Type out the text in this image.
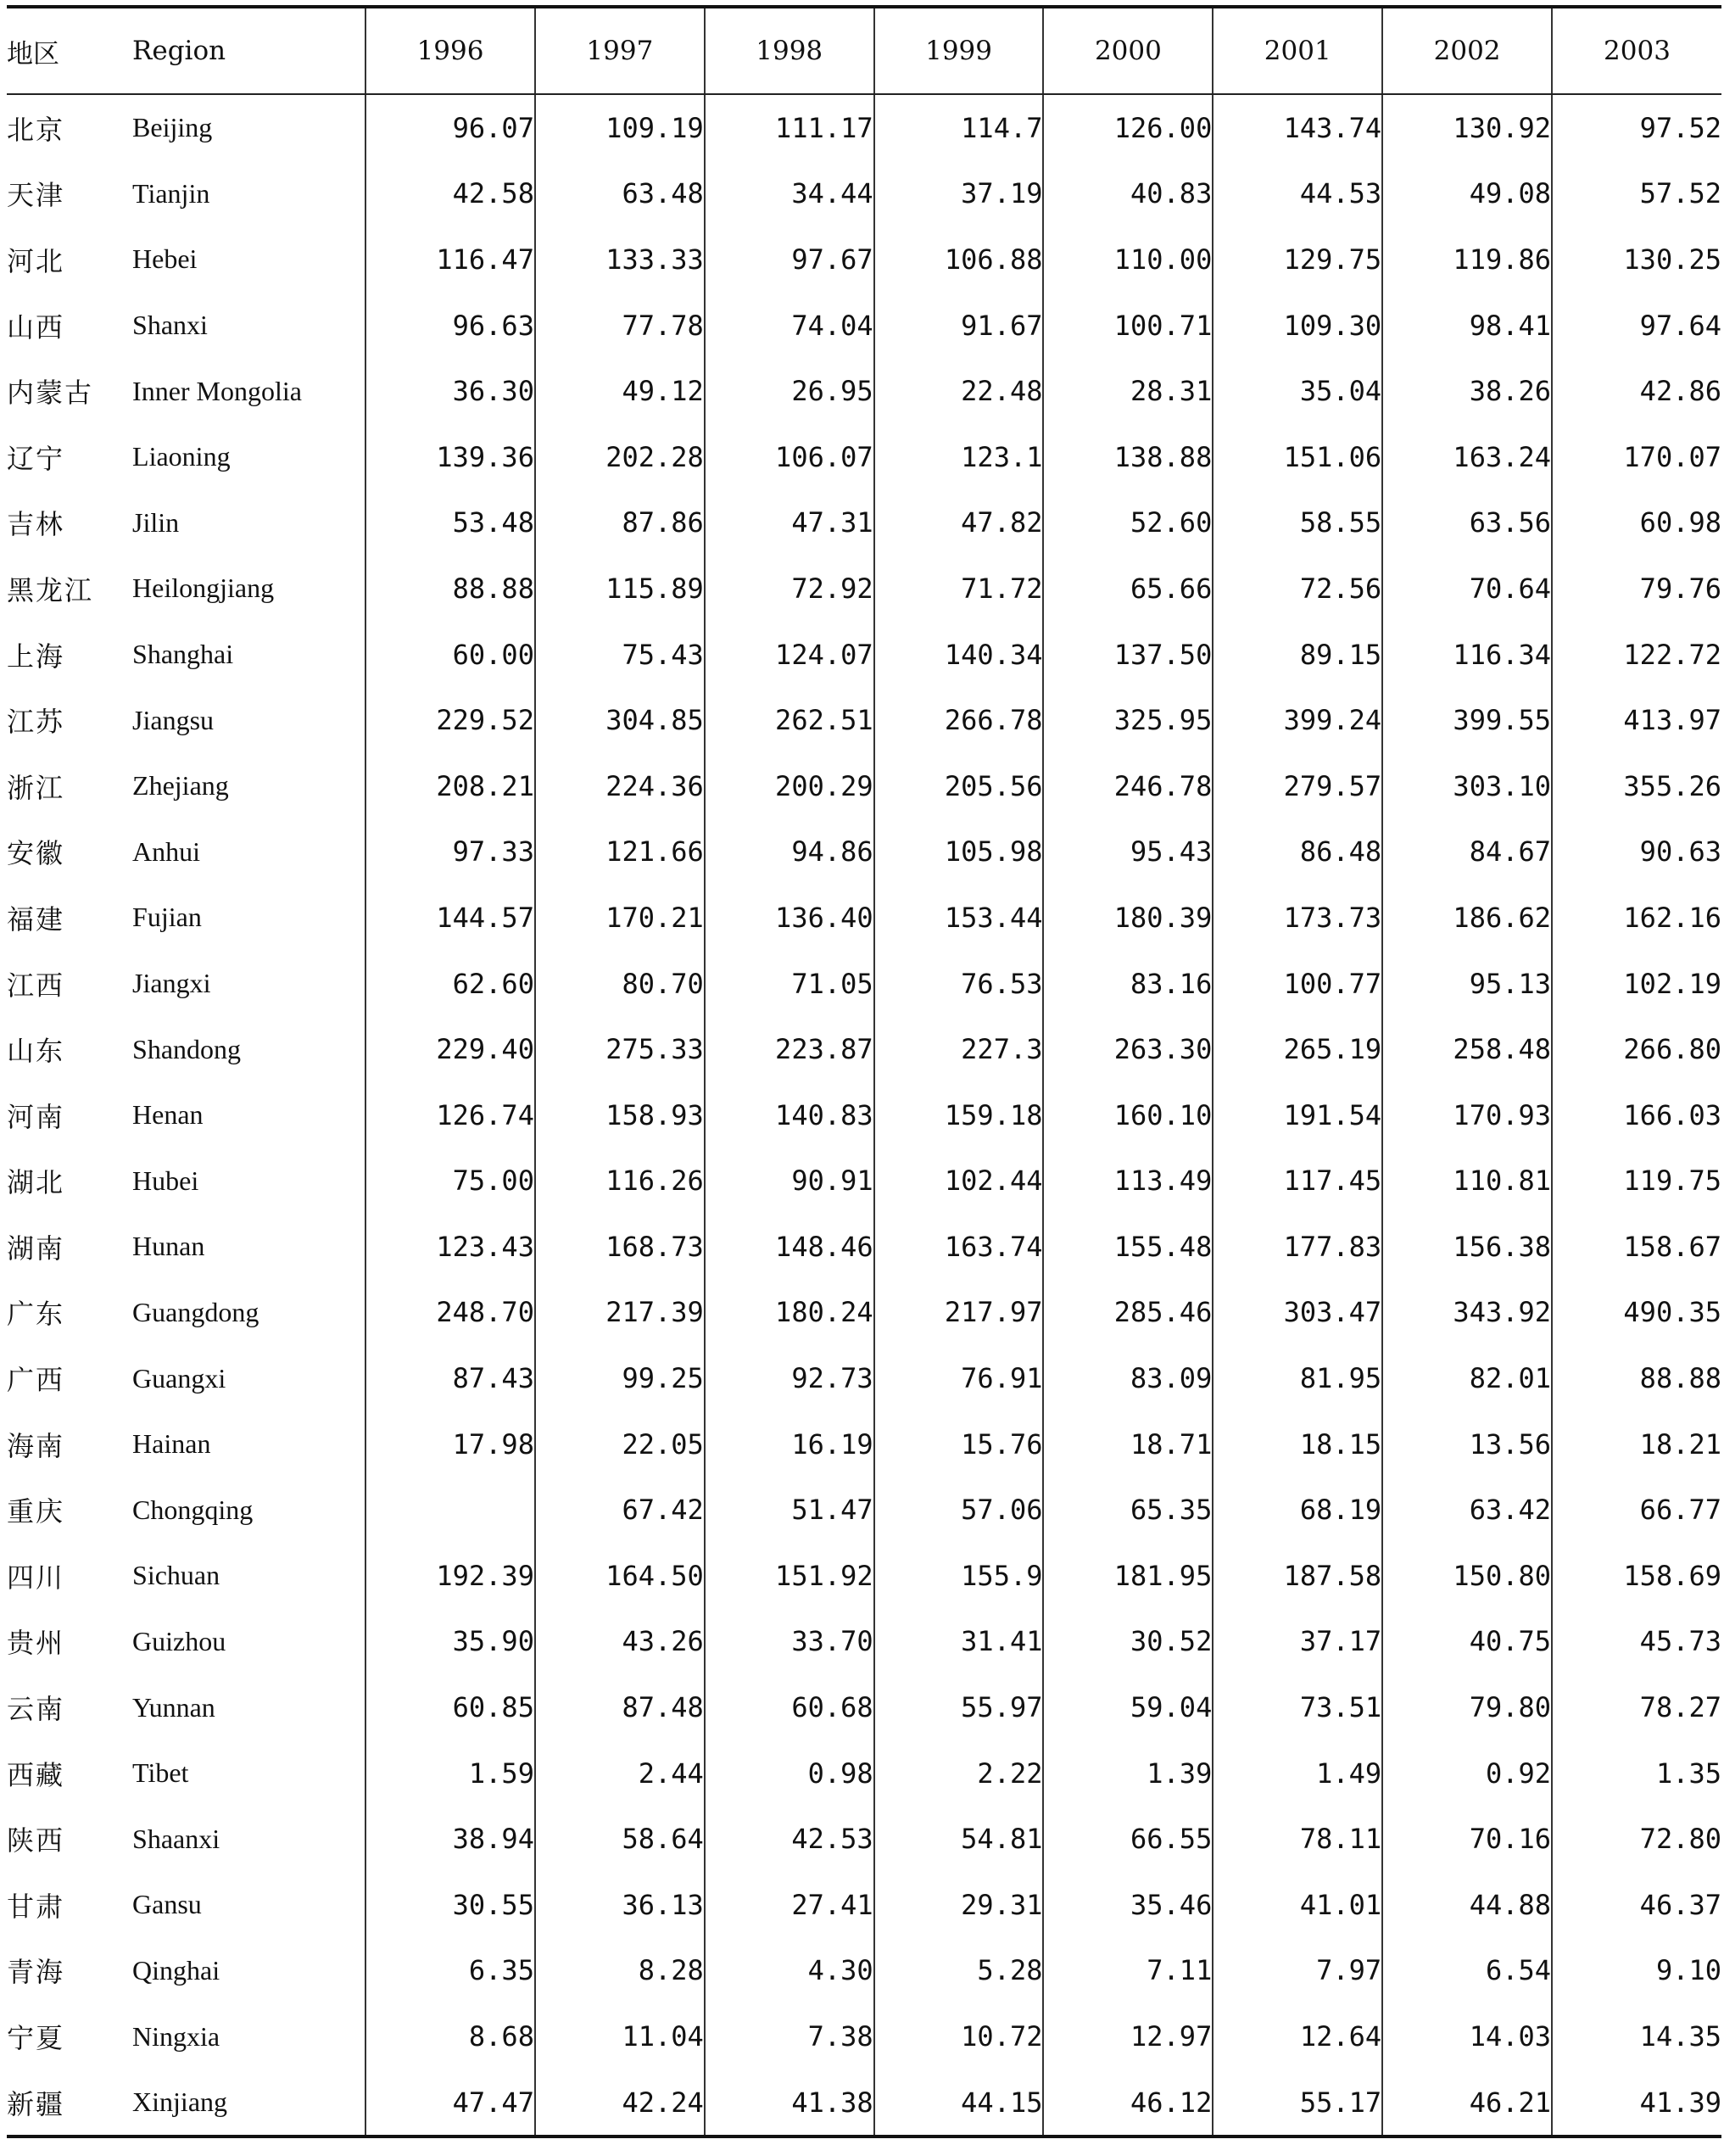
地区	Region	1996	1997	1998	1999	2000	2001	2002	2003
北京	Beijing	96.07	109.19	111.17	114.7	126.00	143.74	130.92	97.52
天津	Tianjin	42.58	63.48	34.44	37.19	40.83	44.53	49.08	57.52
河北	Hebei	116.47	133.33	97.67	106.88	110.00	129.75	119.86	130.25
山西	Shanxi	96.63	77.78	74.04	91.67	100.71	109.30	98.41	97.64
内蒙古	Inner Mongolia	36.30	49.12	26.95	22.48	28.31	35.04	38.26	42.86
辽宁	Liaoning	139.36	202.28	106.07	123.1	138.88	151.06	163.24	170.07
吉林	Jilin	53.48	87.86	47.31	47.82	52.60	58.55	63.56	60.98
黑龙江	Heilongjiang	88.88	115.89	72.92	71.72	65.66	72.56	70.64	79.76
上海	Shanghai	60.00	75.43	124.07	140.34	137.50	89.15	116.34	122.72
江苏	Jiangsu	229.52	304.85	262.51	266.78	325.95	399.24	399.55	413.97
浙江	Zhejiang	208.21	224.36	200.29	205.56	246.78	279.57	303.10	355.26
安徽	Anhui	97.33	121.66	94.86	105.98	95.43	86.48	84.67	90.63
福建	Fujian	144.57	170.21	136.40	153.44	180.39	173.73	186.62	162.16
江西	Jiangxi	62.60	80.70	71.05	76.53	83.16	100.77	95.13	102.19
山东	Shandong	229.40	275.33	223.87	227.3	263.30	265.19	258.48	266.80
河南	Henan	126.74	158.93	140.83	159.18	160.10	191.54	170.93	166.03
湖北	Hubei	75.00	116.26	90.91	102.44	113.49	117.45	110.81	119.75
湖南	Hunan	123.43	168.73	148.46	163.74	155.48	177.83	156.38	158.67
广东	Guangdong	248.70	217.39	180.24	217.97	285.46	303.47	343.92	490.35
广西	Guangxi	87.43	99.25	92.73	76.91	83.09	81.95	82.01	88.88
海南	Hainan	17.98	22.05	16.19	15.76	18.71	18.15	13.56	18.21
重庆	Chongqing		67.42	51.47	57.06	65.35	68.19	63.42	66.77
四川	Sichuan	192.39	164.50	151.92	155.9	181.95	187.58	150.80	158.69
贵州	Guizhou	35.90	43.26	33.70	31.41	30.52	37.17	40.75	45.73
云南	Yunnan	60.85	87.48	60.68	55.97	59.04	73.51	79.80	78.27
西藏	Tibet	1.59	2.44	0.98	2.22	1.39	1.49	0.92	1.35
陕西	Shaanxi	38.94	58.64	42.53	54.81	66.55	78.11	70.16	72.80
甘肃	Gansu	30.55	36.13	27.41	29.31	35.46	41.01	44.88	46.37
青海	Qinghai	6.35	8.28	4.30	5.28	7.11	7.97	6.54	9.10
宁夏	Ningxia	8.68	11.04	7.38	10.72	12.97	12.64	14.03	14.35
新疆	Xinjiang	47.47	42.24	41.38	44.15	46.12	55.17	46.21	41.39
